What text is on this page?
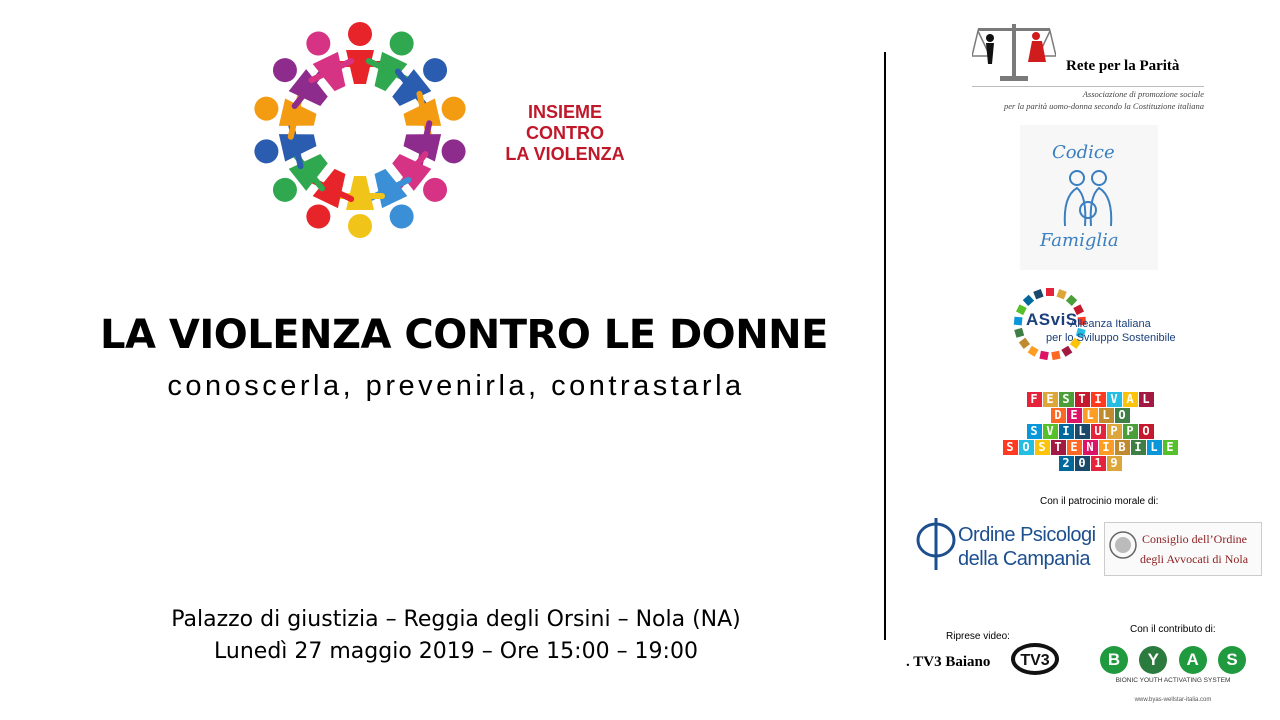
INSIEME
CONTRO
LA VIOLENZA
LA VIOLENZA CONTRO LE DONNE
conoscerla, prevenirla, contrastarla
Palazzo di giustizia – Reggia degli Orsini – Nola (NA)
Lunedì 27 maggio 2019 – Ore 15:00 – 19:00
Rete per la Parità
Associazione di promozione sociale
per la parità uomo-donna secondo la Costituzione italiana
Codice
Famiglia
ASviS
Alleanza Italiana
per lo Sviluppo Sostenibile
F E S T I V A L
D E L L O
S V I L U P P O
S O S T E N I B I L E
2 0 1 9
Con il patrocinio morale di:
Ordine Psicologi
della Campania
Consiglio dell’Ordine
degli Avvocati di Nola
Riprese video:
. TV3 Baiano TV3
Con il contributo di:
B	Y	A	S
BIONIC YOUTH ACTIVATING SYSTEM
www.byas-wellstar-italia.com
